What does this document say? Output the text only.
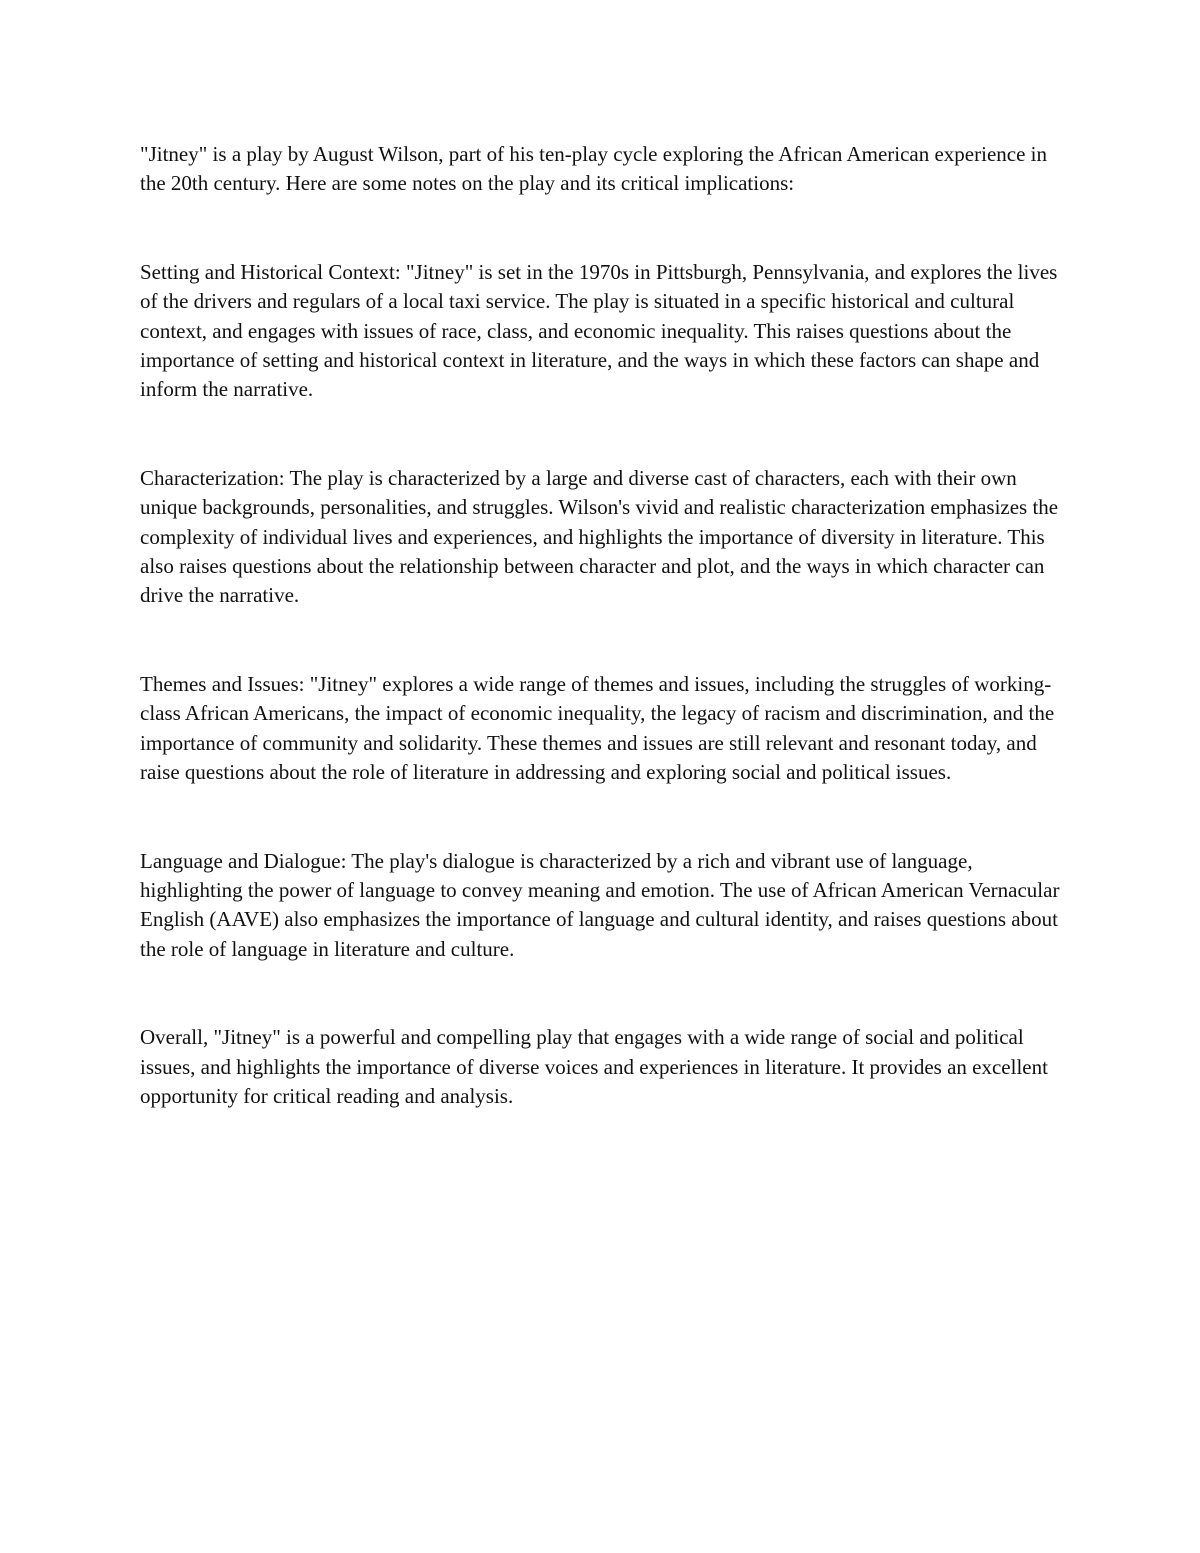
"Jitney" is a play by August Wilson, part of his ten-play cycle exploring the African American experience in the 20th century. Here are some notes on the play and its critical implications:

Setting and Historical Context: "Jitney" is set in the 1970s in Pittsburgh, Pennsylvania, and explores the lives of the drivers and regulars of a local taxi service. The play is situated in a specific historical and cultural context, and engages with issues of race, class, and economic inequality. This raises questions about the importance of setting and historical context in literature, and the ways in which these factors can shape and inform the narrative.

Characterization: The play is characterized by a large and diverse cast of characters, each with their own unique backgrounds, personalities, and struggles. Wilson's vivid and realistic characterization emphasizes the complexity of individual lives and experiences, and highlights the importance of diversity in literature. This also raises questions about the relationship between character and plot, and the ways in which character can drive the narrative.

Themes and Issues: "Jitney" explores a wide range of themes and issues, including the struggles of working-class African Americans, the impact of economic inequality, the legacy of racism and discrimination, and the importance of community and solidarity. These themes and issues are still relevant and resonant today, and raise questions about the role of literature in addressing and exploring social and political issues.

Language and Dialogue: The play's dialogue is characterized by a rich and vibrant use of language, highlighting the power of language to convey meaning and emotion. The use of African American Vernacular English (AAVE) also emphasizes the importance of language and cultural identity, and raises questions about the role of language in literature and culture.

Overall, "Jitney" is a powerful and compelling play that engages with a wide range of social and political issues, and highlights the importance of diverse voices and experiences in literature. It provides an excellent opportunity for critical reading and analysis.
